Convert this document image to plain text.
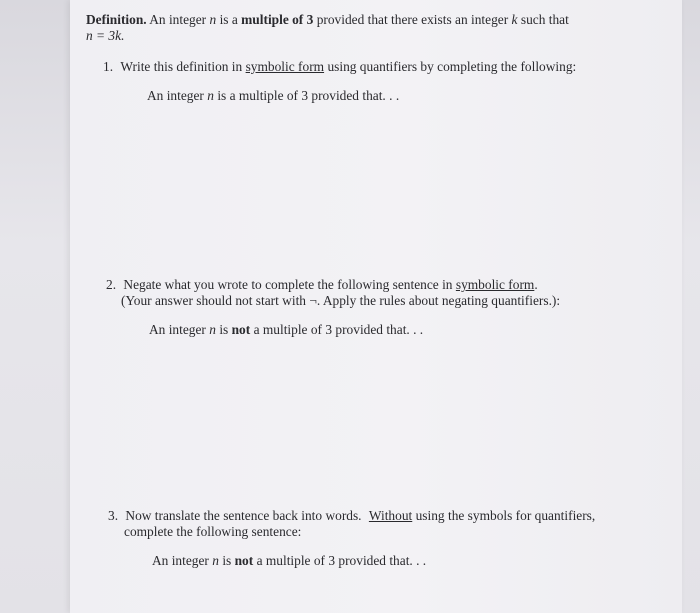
Definition. An integer n is a multiple of 3 provided that there exists an integer k such that
n = 3k.
1. Write this definition in symbolic form using quantifiers by completing the following:
An integer n is a multiple of 3 provided that. . .
2. Negate what you wrote to complete the following sentence in symbolic form.
(Your answer should not start with ¬. Apply the rules about negating quantifiers.):
An integer n is not a multiple of 3 provided that. . .
3. Now translate the sentence back into words. Without using the symbols for quantifiers,
complete the following sentence:
An integer n is not a multiple of 3 provided that. . .
